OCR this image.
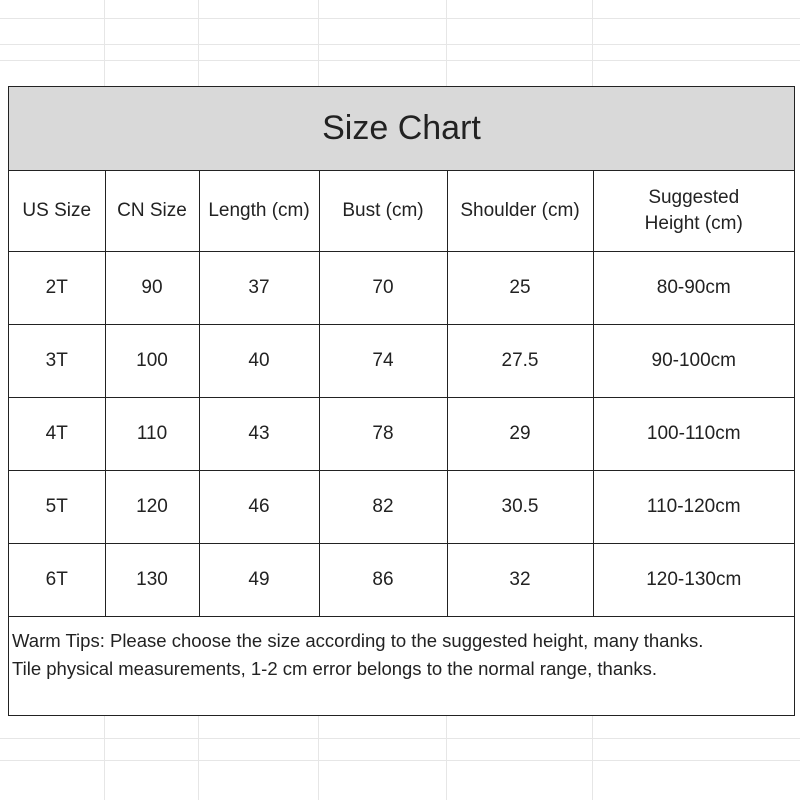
Size Chart
US Size	CN Size	Length (cm)	Bust (cm)	Shoulder (cm)	Suggested Height (cm)
2T	90	37	70	25	80-90cm
3T	100	40	74	27.5	90-100cm
4T	110	43	78	29	100-110cm
5T	120	46	82	30.5	110-120cm
6T	130	49	86	32	120-130cm
Warm Tips: Please choose the size according to the suggested height, many thanks.
Tile physical measurements, 1-2 cm error belongs to the normal range, thanks.
